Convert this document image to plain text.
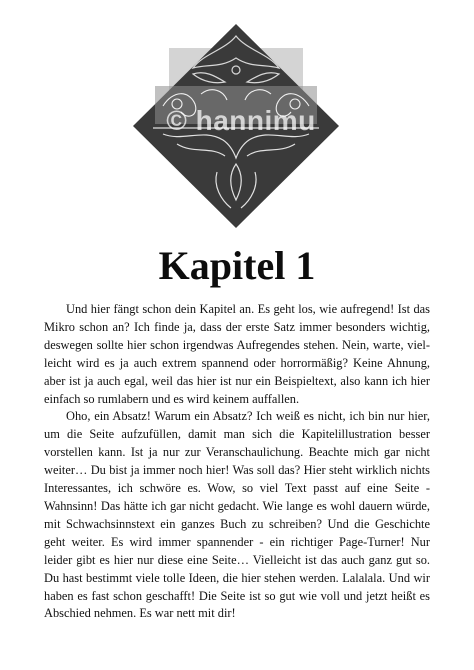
© hannimu
Kapitel 1

Und hier fängt schon dein Kapitel an. Es geht los, wie aufregend! Ist das Mikro schon an? Ich finde ja, dass der erste Satz immer besonders wichtig, deswegen sollte hier schon irgendwas Aufregendes stehen. Nein, warte, vielleicht wird es ja auch extrem spannend oder horrormäßig? Keine Ahnung, aber ist ja auch egal, weil das hier ist nur ein Beispieltext, also kann ich hier einfach so rumlabern und es wird keinem auffallen.

Oho, ein Absatz! Warum ein Absatz? Ich weiß es nicht, ich bin nur hier, um die Seite aufzufüllen, damit man sich die Kapitelillustration besser vorstellen kann. Ist ja nur zur Veranschaulichung. Beachte mich gar nicht weiter… Du bist ja immer noch hier! Was soll das? Hier steht wirklich nichts Interessantes, ich schwöre es. Wow, so viel Text passt auf eine Seite - Wahnsinn! Das hätte ich gar nicht gedacht. Wie lange es wohl dauern würde, mit Schwachsinnstext ein ganzes Buch zu schreiben? Und die Geschichte geht weiter. Es wird immer spannender - ein richtiger Page-Turner! Nur leider gibt es hier nur diese eine Seite… Vielleicht ist das auch ganz gut so. Du hast bestimmt viele tolle Ideen, die hier stehen werden. Lalalala. Und wir haben es fast schon geschafft! Die Seite ist so gut wie voll und jetzt heißt es Abschied nehmen. Es war nett mit dir!
